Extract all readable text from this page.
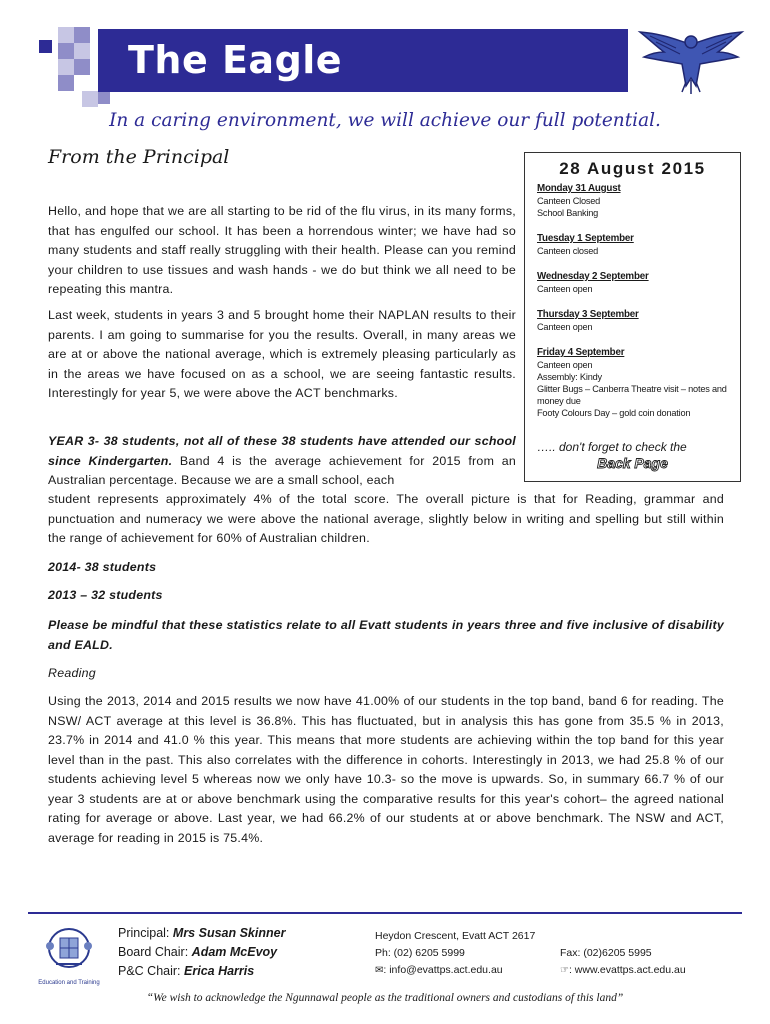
The Eagle
In a caring environment, we will achieve our full potential.
From the Principal
Hello, and hope that we are all starting to be rid of the flu virus, in its many forms, that has engulfed our school. It has been a horrendous winter; we have had so many students and staff really struggling with their health. Please can you remind your children to use tissues and wash hands - we do but think we all need to be repeating this mantra.
Last week, students in years 3 and 5 brought home their NAPLAN results to their parents. I am going to summarise for you the results. Overall, in many areas we are at or above the national average, which is extremely pleasing particularly as in the areas we have focused on as a school, we are seeing fantastic results. Interestingly for year 5, we were above the ACT benchmarks.
YEAR 3- 38 students, not all of these 38 students have attended our school since Kindergarten. Band 4 is the average achievement for 2015 from an Australian percentage. Because we are a small school, each
student represents approximately 4% of the total score. The overall picture is that for Reading, grammar and punctuation and numeracy we were above the national average, slightly below in writing and spelling but still within the range of achievement for 60% of Australian children.
2014- 38 students
2013 – 32 students
Please be mindful that these statistics relate to all Evatt students in years three and five inclusive of disability and EALD.
Reading
Using the 2013, 2014 and 2015 results we now have 41.00% of our students in the top band, band 6 for reading. The NSW/ ACT average at this level is 36.8%. This has fluctuated, but in analysis this has gone from 35.5 % in 2013, 23.7% in 2014 and 41.0 % this year. This means that more students are achieving within the top band for this year level than in the past. This also correlates with the difference in cohorts. Interestingly in 2013, we had 25.8 % of our students achieving level 5 whereas now we only have 10.3- so the move is upwards. So, in summary 66.7 % of our year 3 students are at or above benchmark using the comparative results for this year's cohort– the agreed national rating for average or above. Last year, we had 66.2% of our students at or above benchmark. The NSW and ACT, average for reading in 2015 is 75.4%.
28 August 2015
Monday 31 August
Canteen Closed
School Banking
Tuesday 1 September
Canteen closed
Wednesday 2 September
Canteen open
Thursday 3 September
Canteen open
Friday 4 September
Canteen open
Assembly: Kindy
Glitter Bugs – Canberra Theatre visit – notes and money due
Footy Colours Day – gold coin donation
….. don't forget to check the
Back Page
Education and Training
Principal: Mrs Susan Skinner
Board Chair: Adam McEvoy
P&C Chair: Erica Harris
Heydon Crescent, Evatt ACT 2617
Ph: (02) 6205 5999
✉: info@evattps.act.edu.au
Fax: (02)6205 5995
☞: www.evattps.act.edu.au
“We wish to acknowledge the Ngunnawal people as the traditional owners and custodians of this land”
